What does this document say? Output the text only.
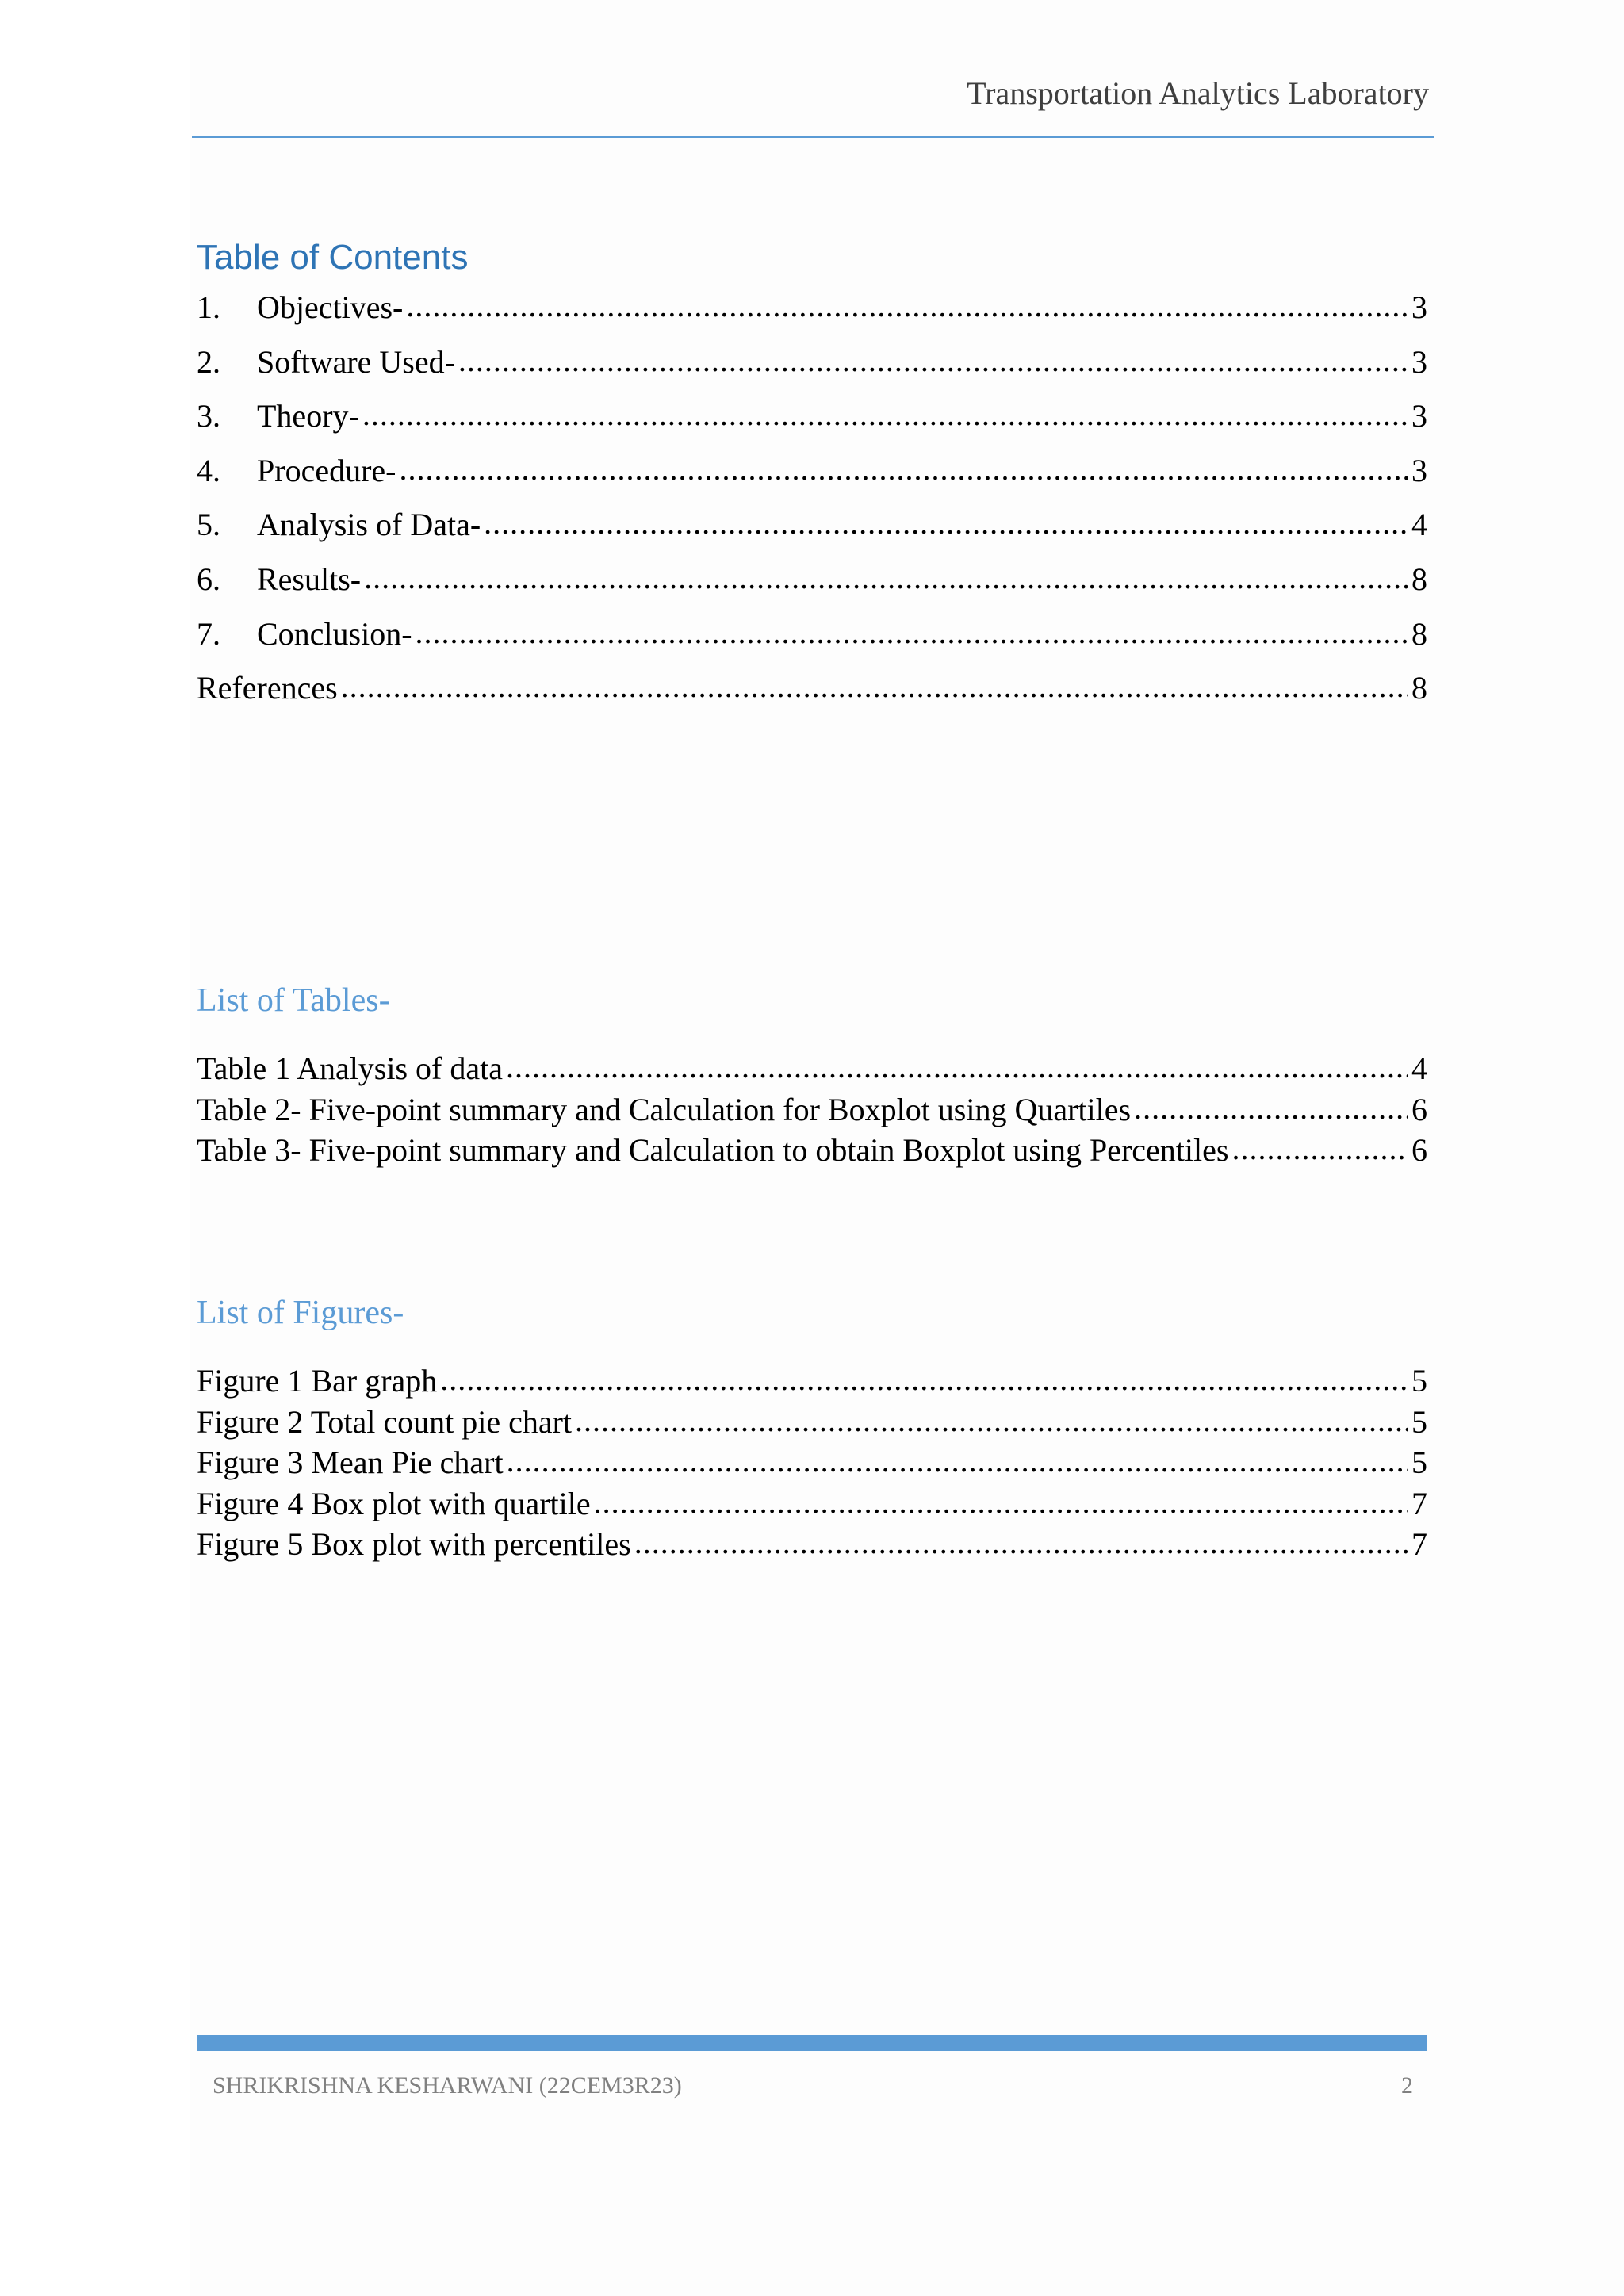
Transportation Analytics Laboratory
Table of Contents
1.	Objectives- .....	3
2.	Software Used- .....	3
3.	Theory- .....	3
4.	Procedure- .....	3
5.	Analysis of Data- .....	4
6.	Results- .....	8
7.	Conclusion- .....	8
References .....	8
List of Tables-
Table 1 Analysis of data .....	4
Table 2- Five-point summary and Calculation for Boxplot using Quartiles .....	6
Table 3- Five-point summary and Calculation to obtain Boxplot using Percentiles .....	6
List of Figures-
Figure 1 Bar graph .....	5
Figure 2 Total count pie chart .....	5
Figure 3 Mean Pie chart .....	5
Figure 4 Box plot with quartile .....	7
Figure 5 Box plot with percentiles .....	7
SHRIKRISHNA KESHARWANI (22CEM3R23)	2
